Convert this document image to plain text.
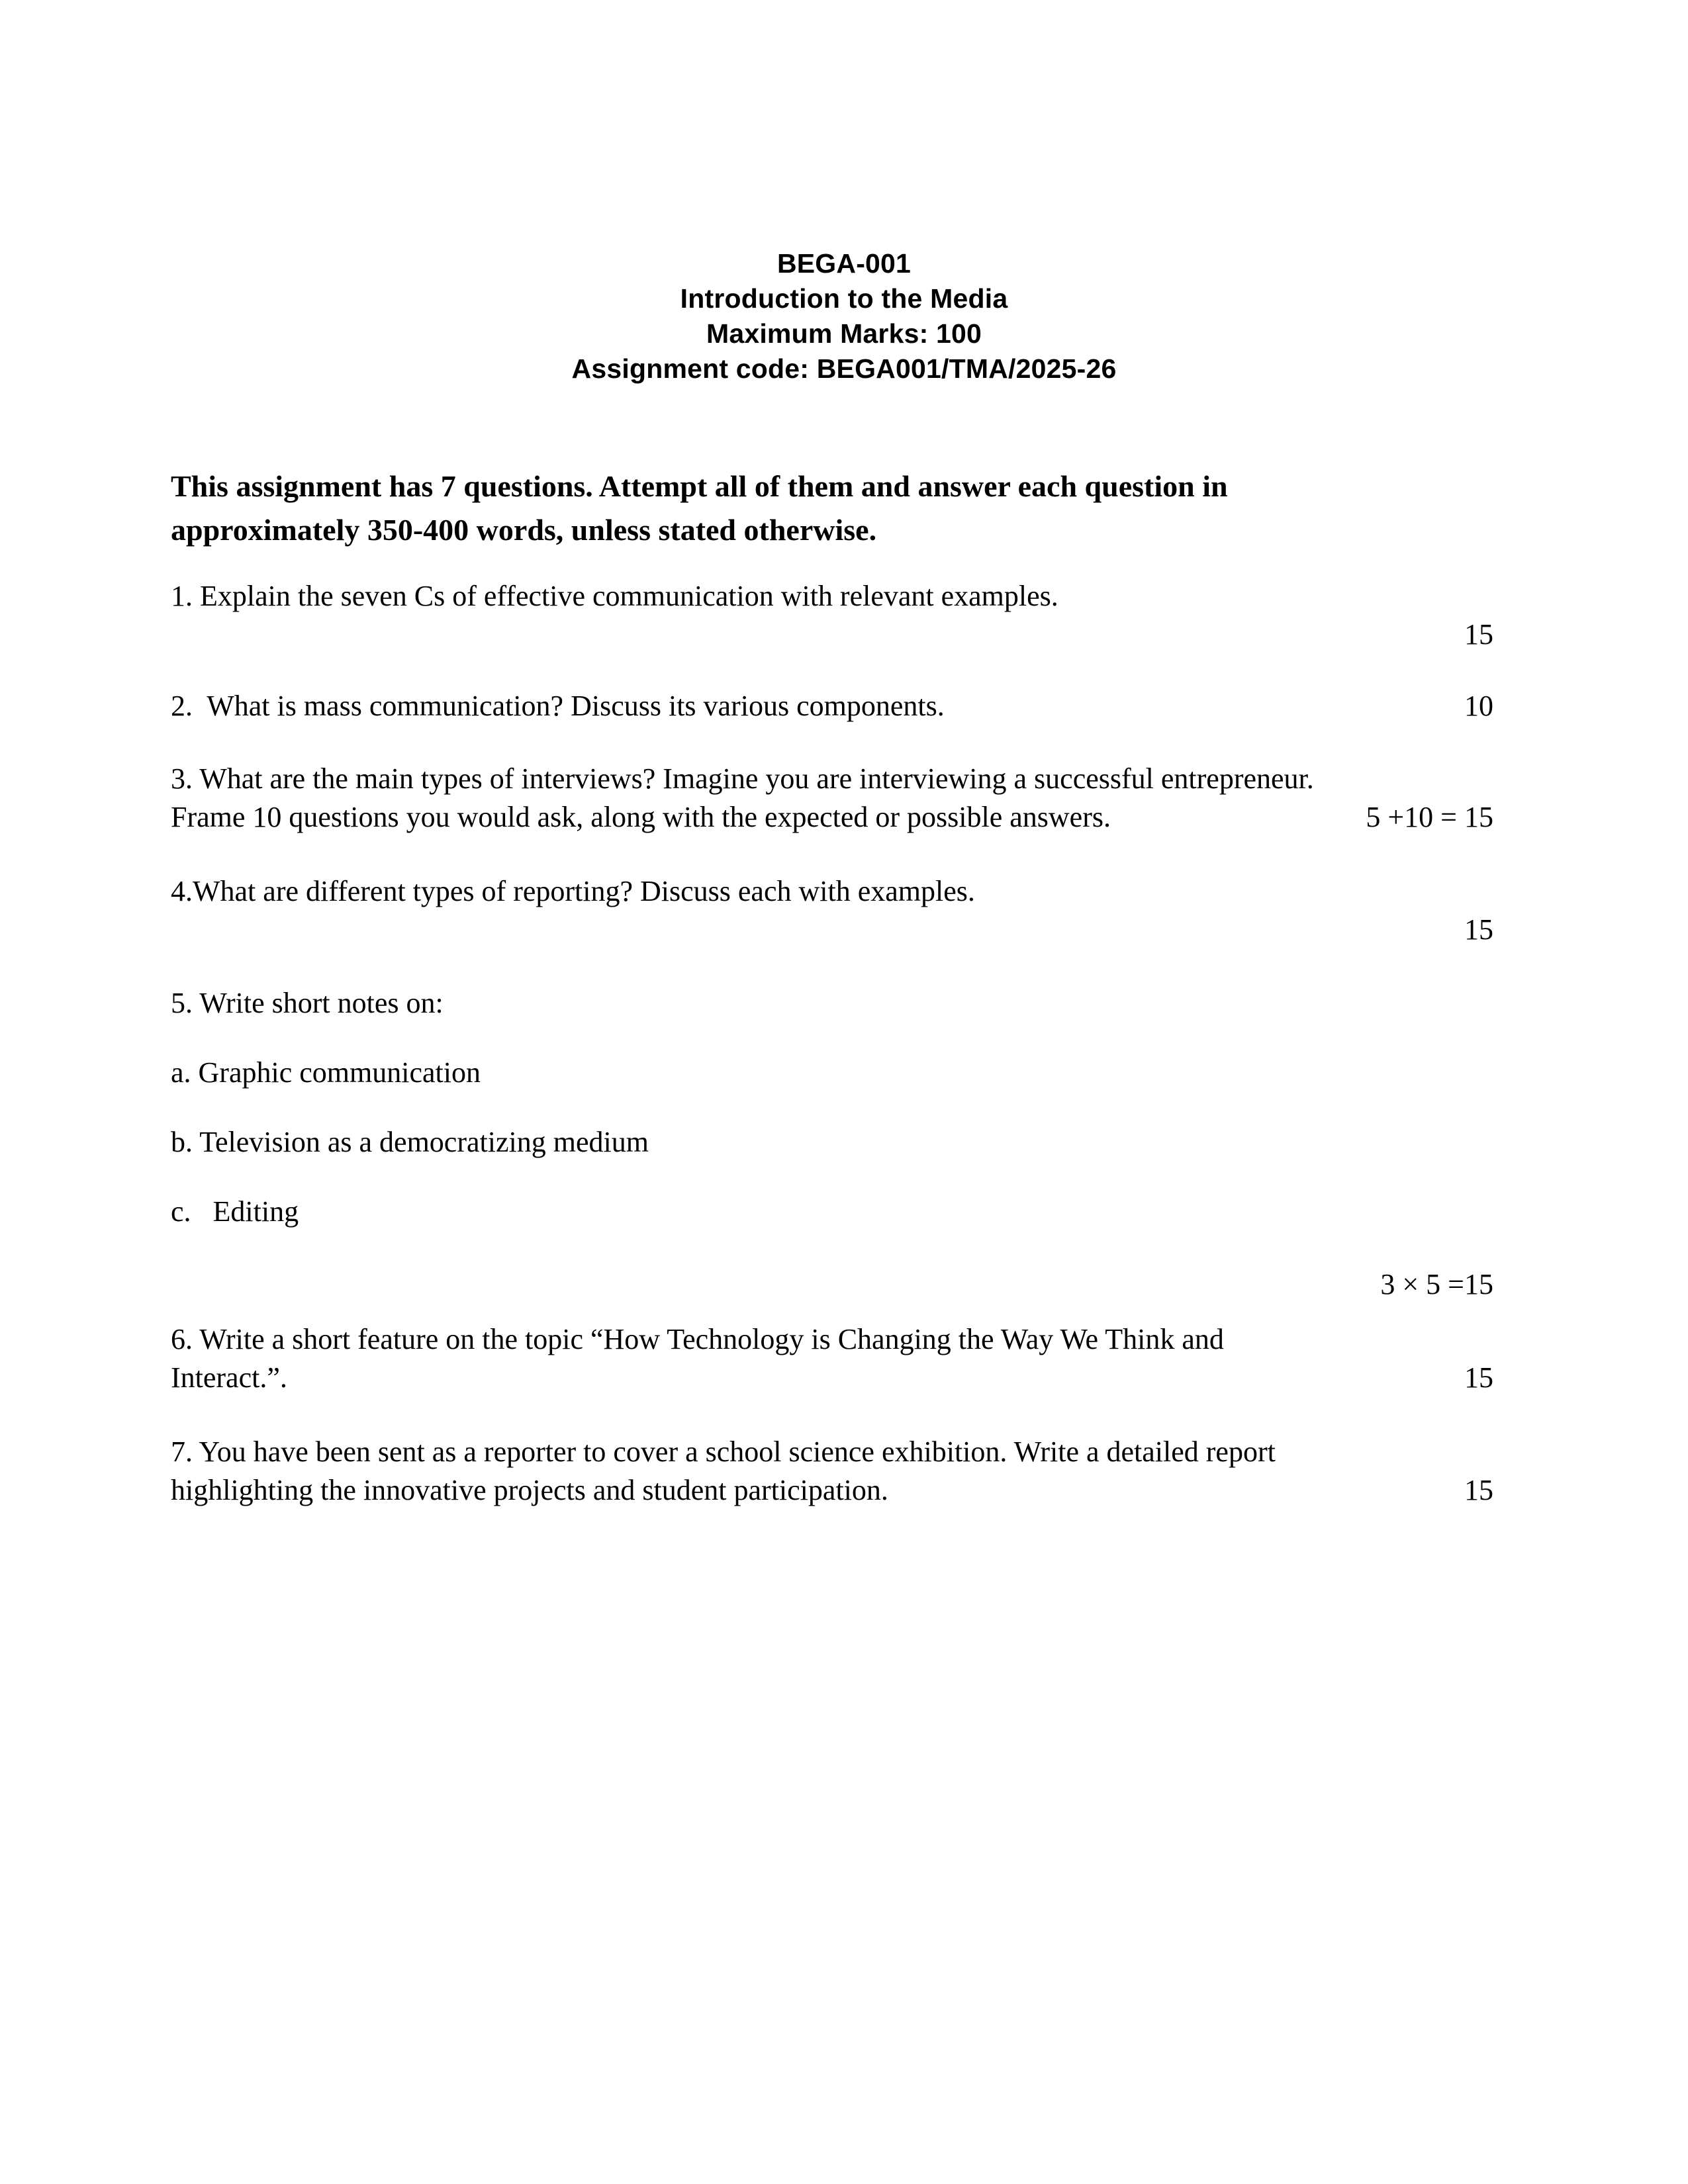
BEGA-001
Introduction to the Media
Maximum Marks: 100
Assignment code: BEGA001/TMA/2025-26
This assignment has 7 questions. Attempt all of them and answer each question in
approximately 350-400 words, unless stated otherwise.
1. Explain the seven Cs of effective communication with relevant examples.
15
2.  What is mass communication? Discuss its various components.	10
3. What are the main types of interviews? Imagine you are interviewing a successful entrepreneur.
Frame 10 questions you would ask, along with the expected or possible answers.	5 +10 = 15
4.What are different types of reporting? Discuss each with examples.
15
5. Write short notes on:
a. Graphic communication
b. Television as a democratizing medium
c.   Editing
3 × 5 =15
6. Write a short feature on the topic “How Technology is Changing the Way We Think and
Interact.”.	15
7. You have been sent as a reporter to cover a school science exhibition. Write a detailed report
highlighting the innovative projects and student participation.	15
